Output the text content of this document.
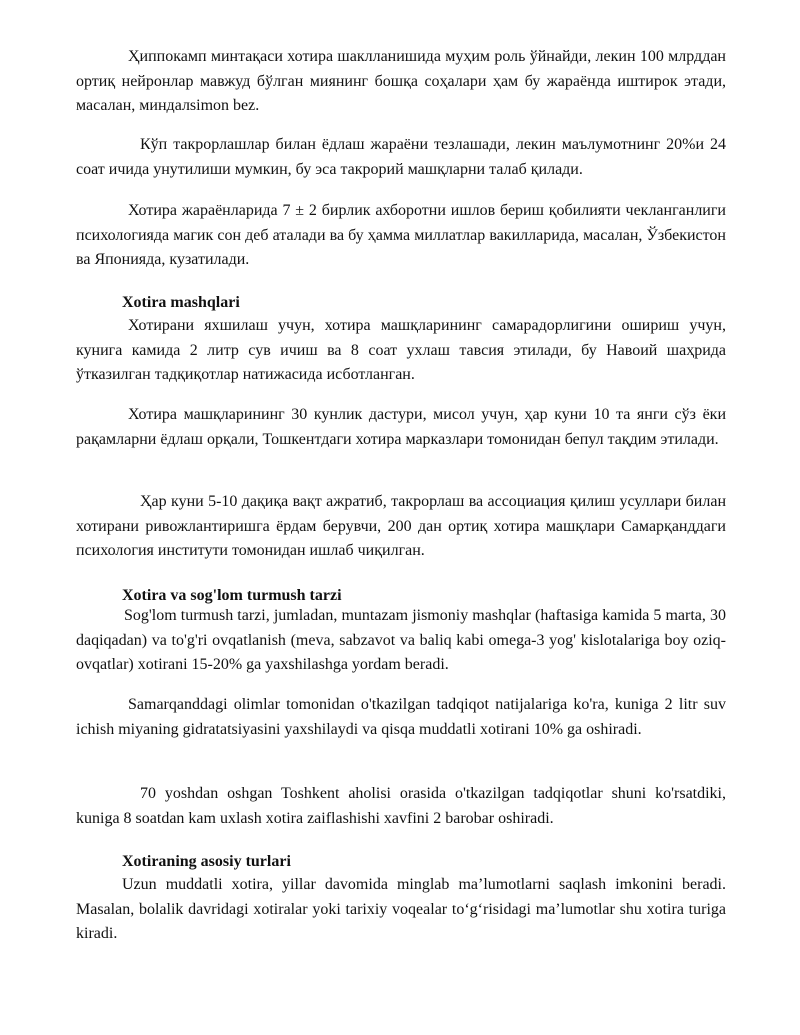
Ҳиппокамп минтақаси хотира шаклланишида муҳим роль ўйнайди, лекин 100 млрддан ортиқ нейронлар мавжуд бўлган миянинг бошқа соҳалари ҳам бу жараёнда иштирок этади, масалан, миндалsimon bez.

Кўп такрорлашлар билан ёдлаш жараёни тезлашади, лекин маълумотнинг 20%и 24 соат ичида унутилиши мумкин, бу эса такрорий машқларни талаб қилади.

Хотира жараёнларида 7 ± 2 бирлик ахборотни ишлов бериш қобилияти чекланганлиги психологияда магик сон деб аталади ва бу ҳамма миллатлар вакилларида, масалан, Ўзбекистон ва Японияда, кузатилади.

Xotira mashqlari

Хотирани яхшилаш учун, хотира машқларининг самарадорлигини ошириш учун, кунига камида 2 литр сув ичиш ва 8 соат ухлаш тавсия этилади, бу Навоий шаҳрида ўтказилган тадқиқотлар натижасида исботланган.

Хотира машқларининг 30 кунлик дастури, мисол учун, ҳар куни 10 та янги сўз ёки рақамларни ёдлаш орқали, Тошкентдаги хотира марказлари томонидан бепул тақдим этилади.

Ҳар куни 5-10 дақиқа вақт ажратиб, такрорлаш ва ассоциация қилиш усуллари билан хотирани ривожлантиришга ёрдам берувчи, 200 дан ортиқ хотира машқлари Самарқанддаги психология институти томонидан ишлаб чиқилган.

Xotira va sog'lom turmush tarzi

Sog'lom turmush tarzi, jumladan, muntazam jismoniy mashqlar (haftasiga kamida 5 marta, 30 daqiqadan) va to'g'ri ovqatlanish (meva, sabzavot va baliq kabi omega-3 yog' kislotalariga boy oziq-ovqatlar) xotirani 15-20% ga yaxshilashga yordam beradi.

Samarqanddagi olimlar tomonidan o'tkazilgan tadqiqot natijalariga ko'ra, kuniga 2 litr suv ichish miyaning gidratatsiyasini yaxshilaydi va qisqa muddatli xotirani 10% ga oshiradi.

70 yoshdan oshgan Toshkent aholisi orasida o'tkazilgan tadqiqotlar shuni ko'rsatdiki, kuniga 8 soatdan kam uxlash xotira zaiflashishi xavfini 2 barobar oshiradi.

Xotiraning asosiy turlari

Uzun muddatli xotira, yillar davomida minglab ma’lumotlarni saqlash imkonini beradi. Masalan, bolalik davridagi xotiralar yoki tarixiy voqealar to‘g‘risidagi ma’lumotlar shu xotira turiga kiradi.
